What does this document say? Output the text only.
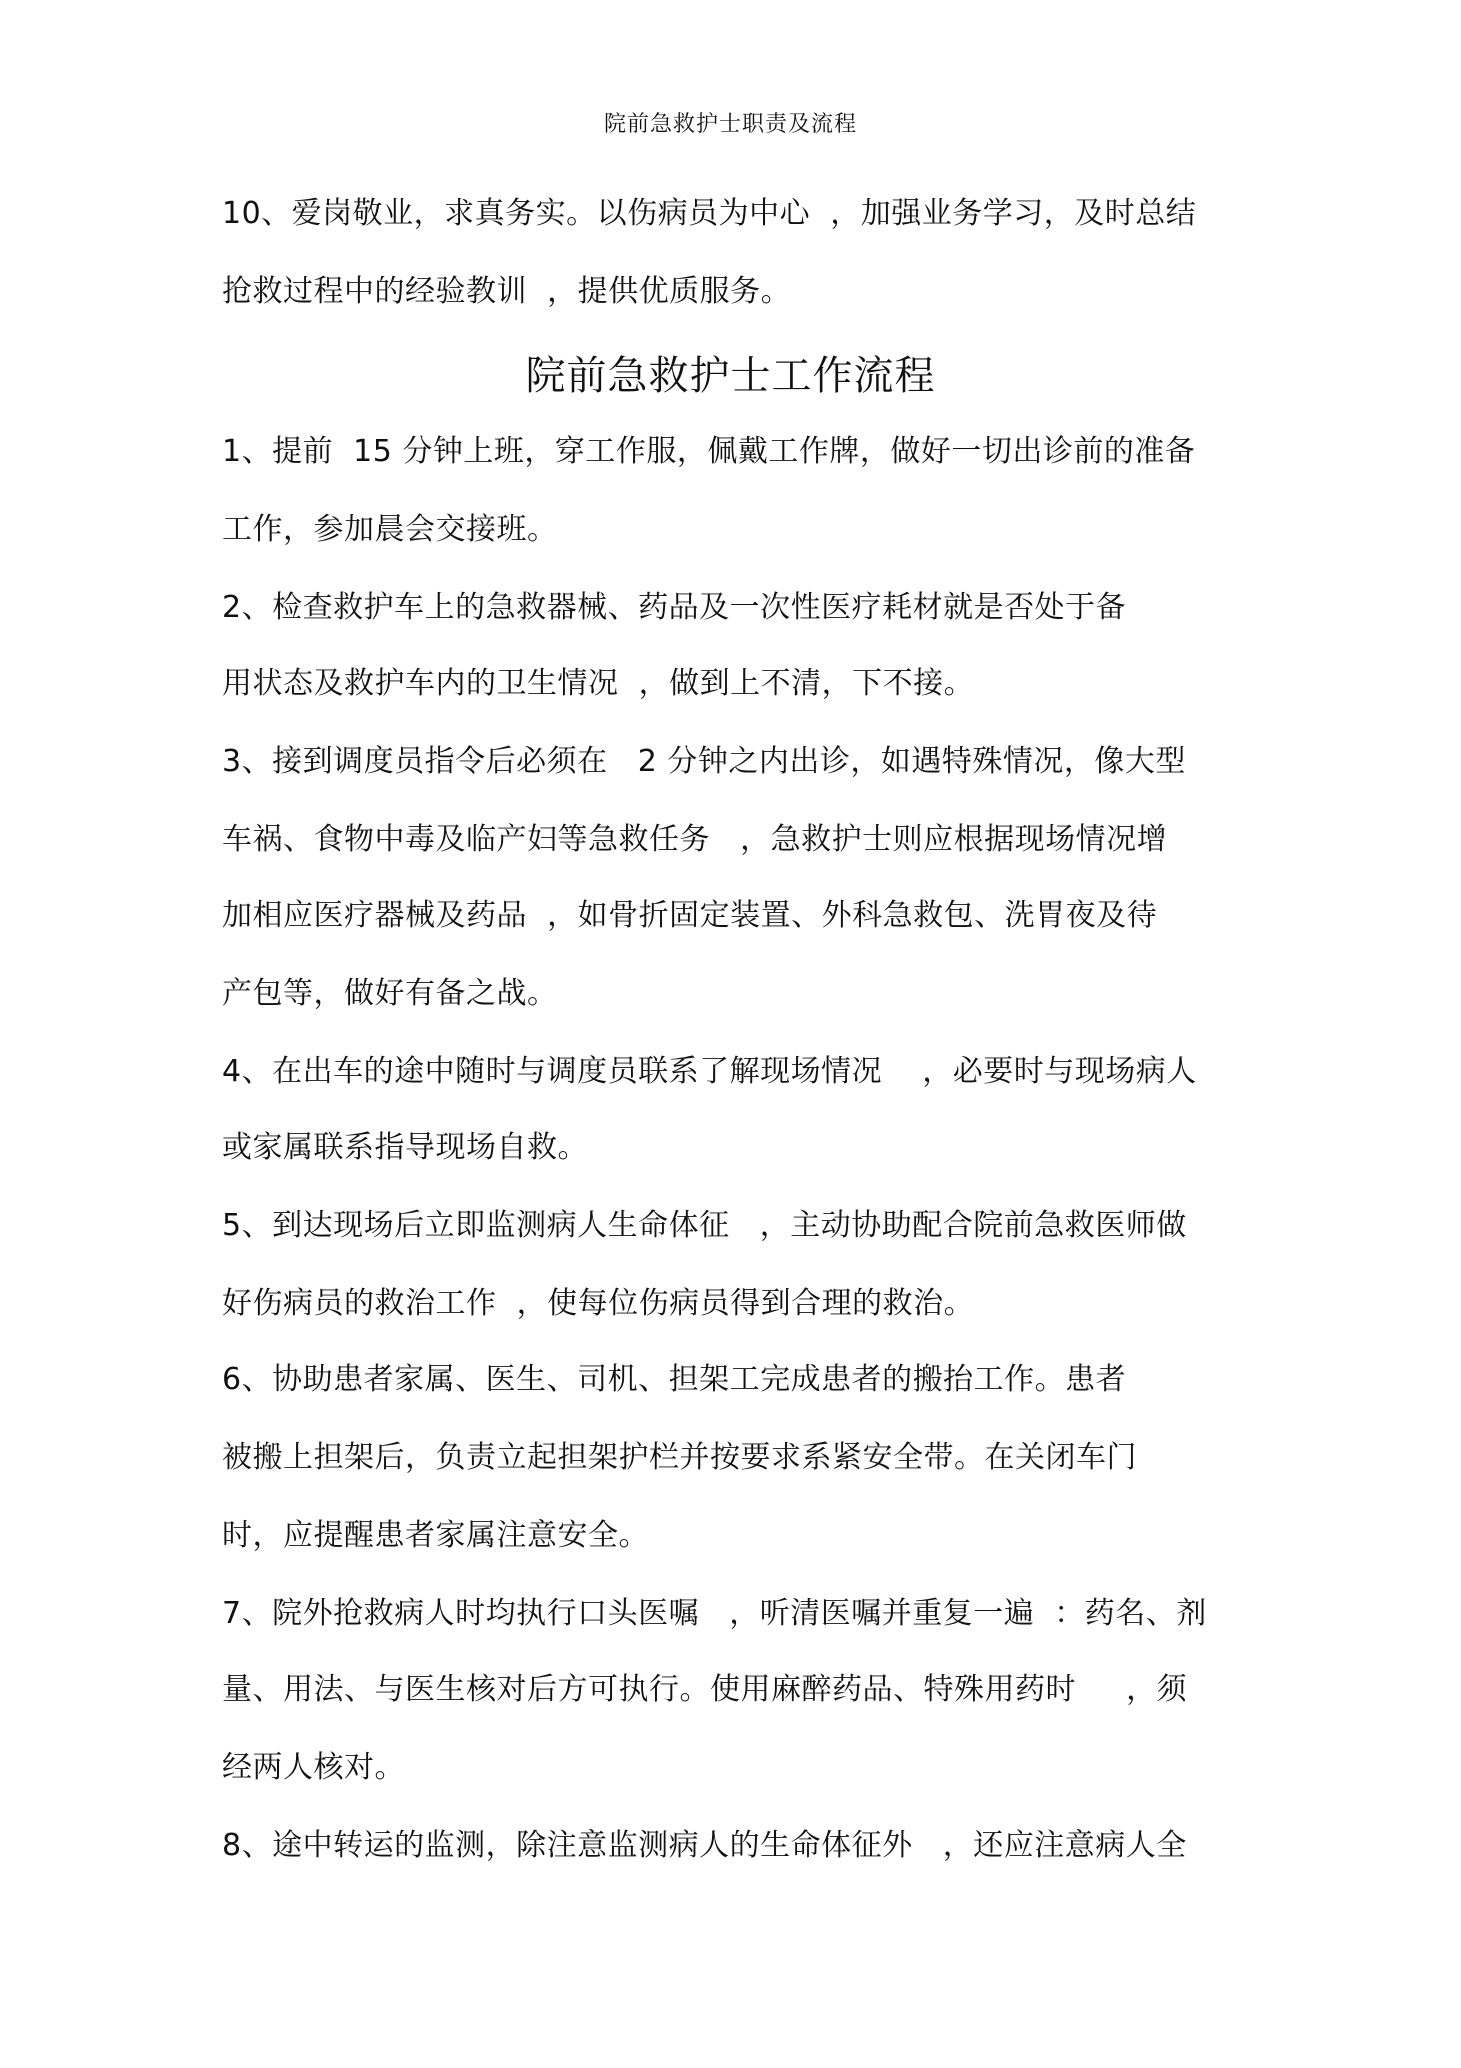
院前急救护士职责及流程
10、爱岗敬业，求真务实。以伤病员为中心  ，加强业务学习，及时总结
抢救过程中的经验教训  ，提供优质服务。
院前急救护士工作流程
1、提前  15 分钟上班，穿工作服，佩戴工作牌，做好一切出诊前的准备
工作，参加晨会交接班。
2、检查救护车上的急救器械、药品及一次性医疗耗材就是否处于备
用状态及救护车内的卫生情况  ，做到上不清，下不接。
3、接到调度员指令后必须在   2 分钟之内出诊，如遇特殊情况，像大型
车祸、食物中毒及临产妇等急救任务   ，急救护士则应根据现场情况增
加相应医疗器械及药品  ，如骨折固定装置、外科急救包、洗胃夜及待
产包等，做好有备之战。
4、在出车的途中随时与调度员联系了解现场情况    ，必要时与现场病人
或家属联系指导现场自救。
5、到达现场后立即监测病人生命体征   ，主动协助配合院前急救医师做
好伤病员的救治工作  ，使每位伤病员得到合理的救治。
6、协助患者家属、医生、司机、担架工完成患者的搬抬工作。患者
被搬上担架后，负责立起担架护栏并按要求系紧安全带。在关闭车门
时，应提醒患者家属注意安全。
7、院外抢救病人时均执行口头医嘱   ，听清医嘱并重复一遍  ：药名、剂
量、用法、与医生核对后方可执行。使用麻醉药品、特殊用药时     ，须
经两人核对。
8、途中转运的监测，除注意监测病人的生命体征外   ，还应注意病人全
